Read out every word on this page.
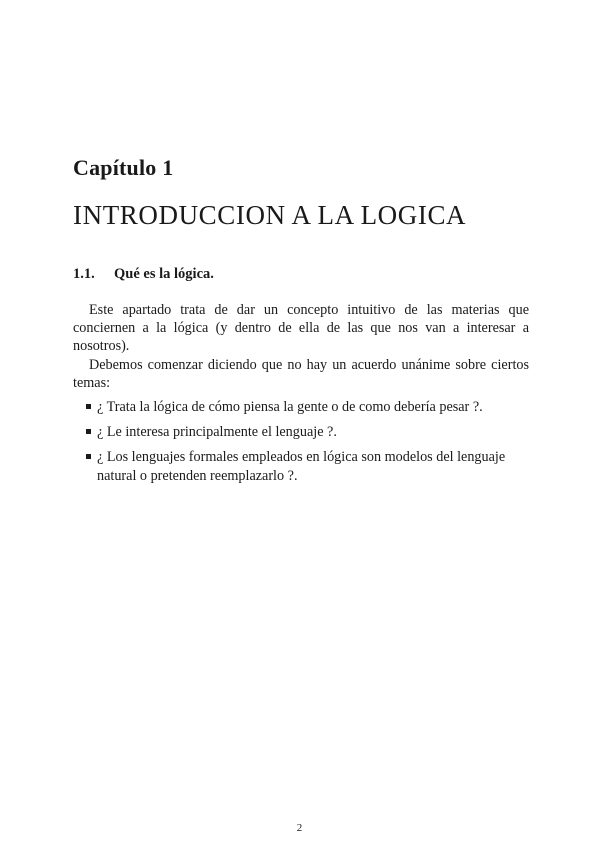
Capítulo 1
INTRODUCCION A LA LOGICA
1.1. Qué es la lógica.

Este apartado trata de dar un concepto intuitivo de las materias que conciernen a la lógica (y dentro de ella de las que nos van a interesar a nosotros).

Debemos comenzar diciendo que no hay un acuerdo unánime sobre ciertos temas:

¿ Trata la lógica de cómo piensa la gente o de como debería pesar ?.
¿ Le interesa principalmente el lenguaje ?.
¿ Los lenguajes formales empleados en lógica son modelos del lenguaje natural o pretenden reemplazarlo ?.
2
